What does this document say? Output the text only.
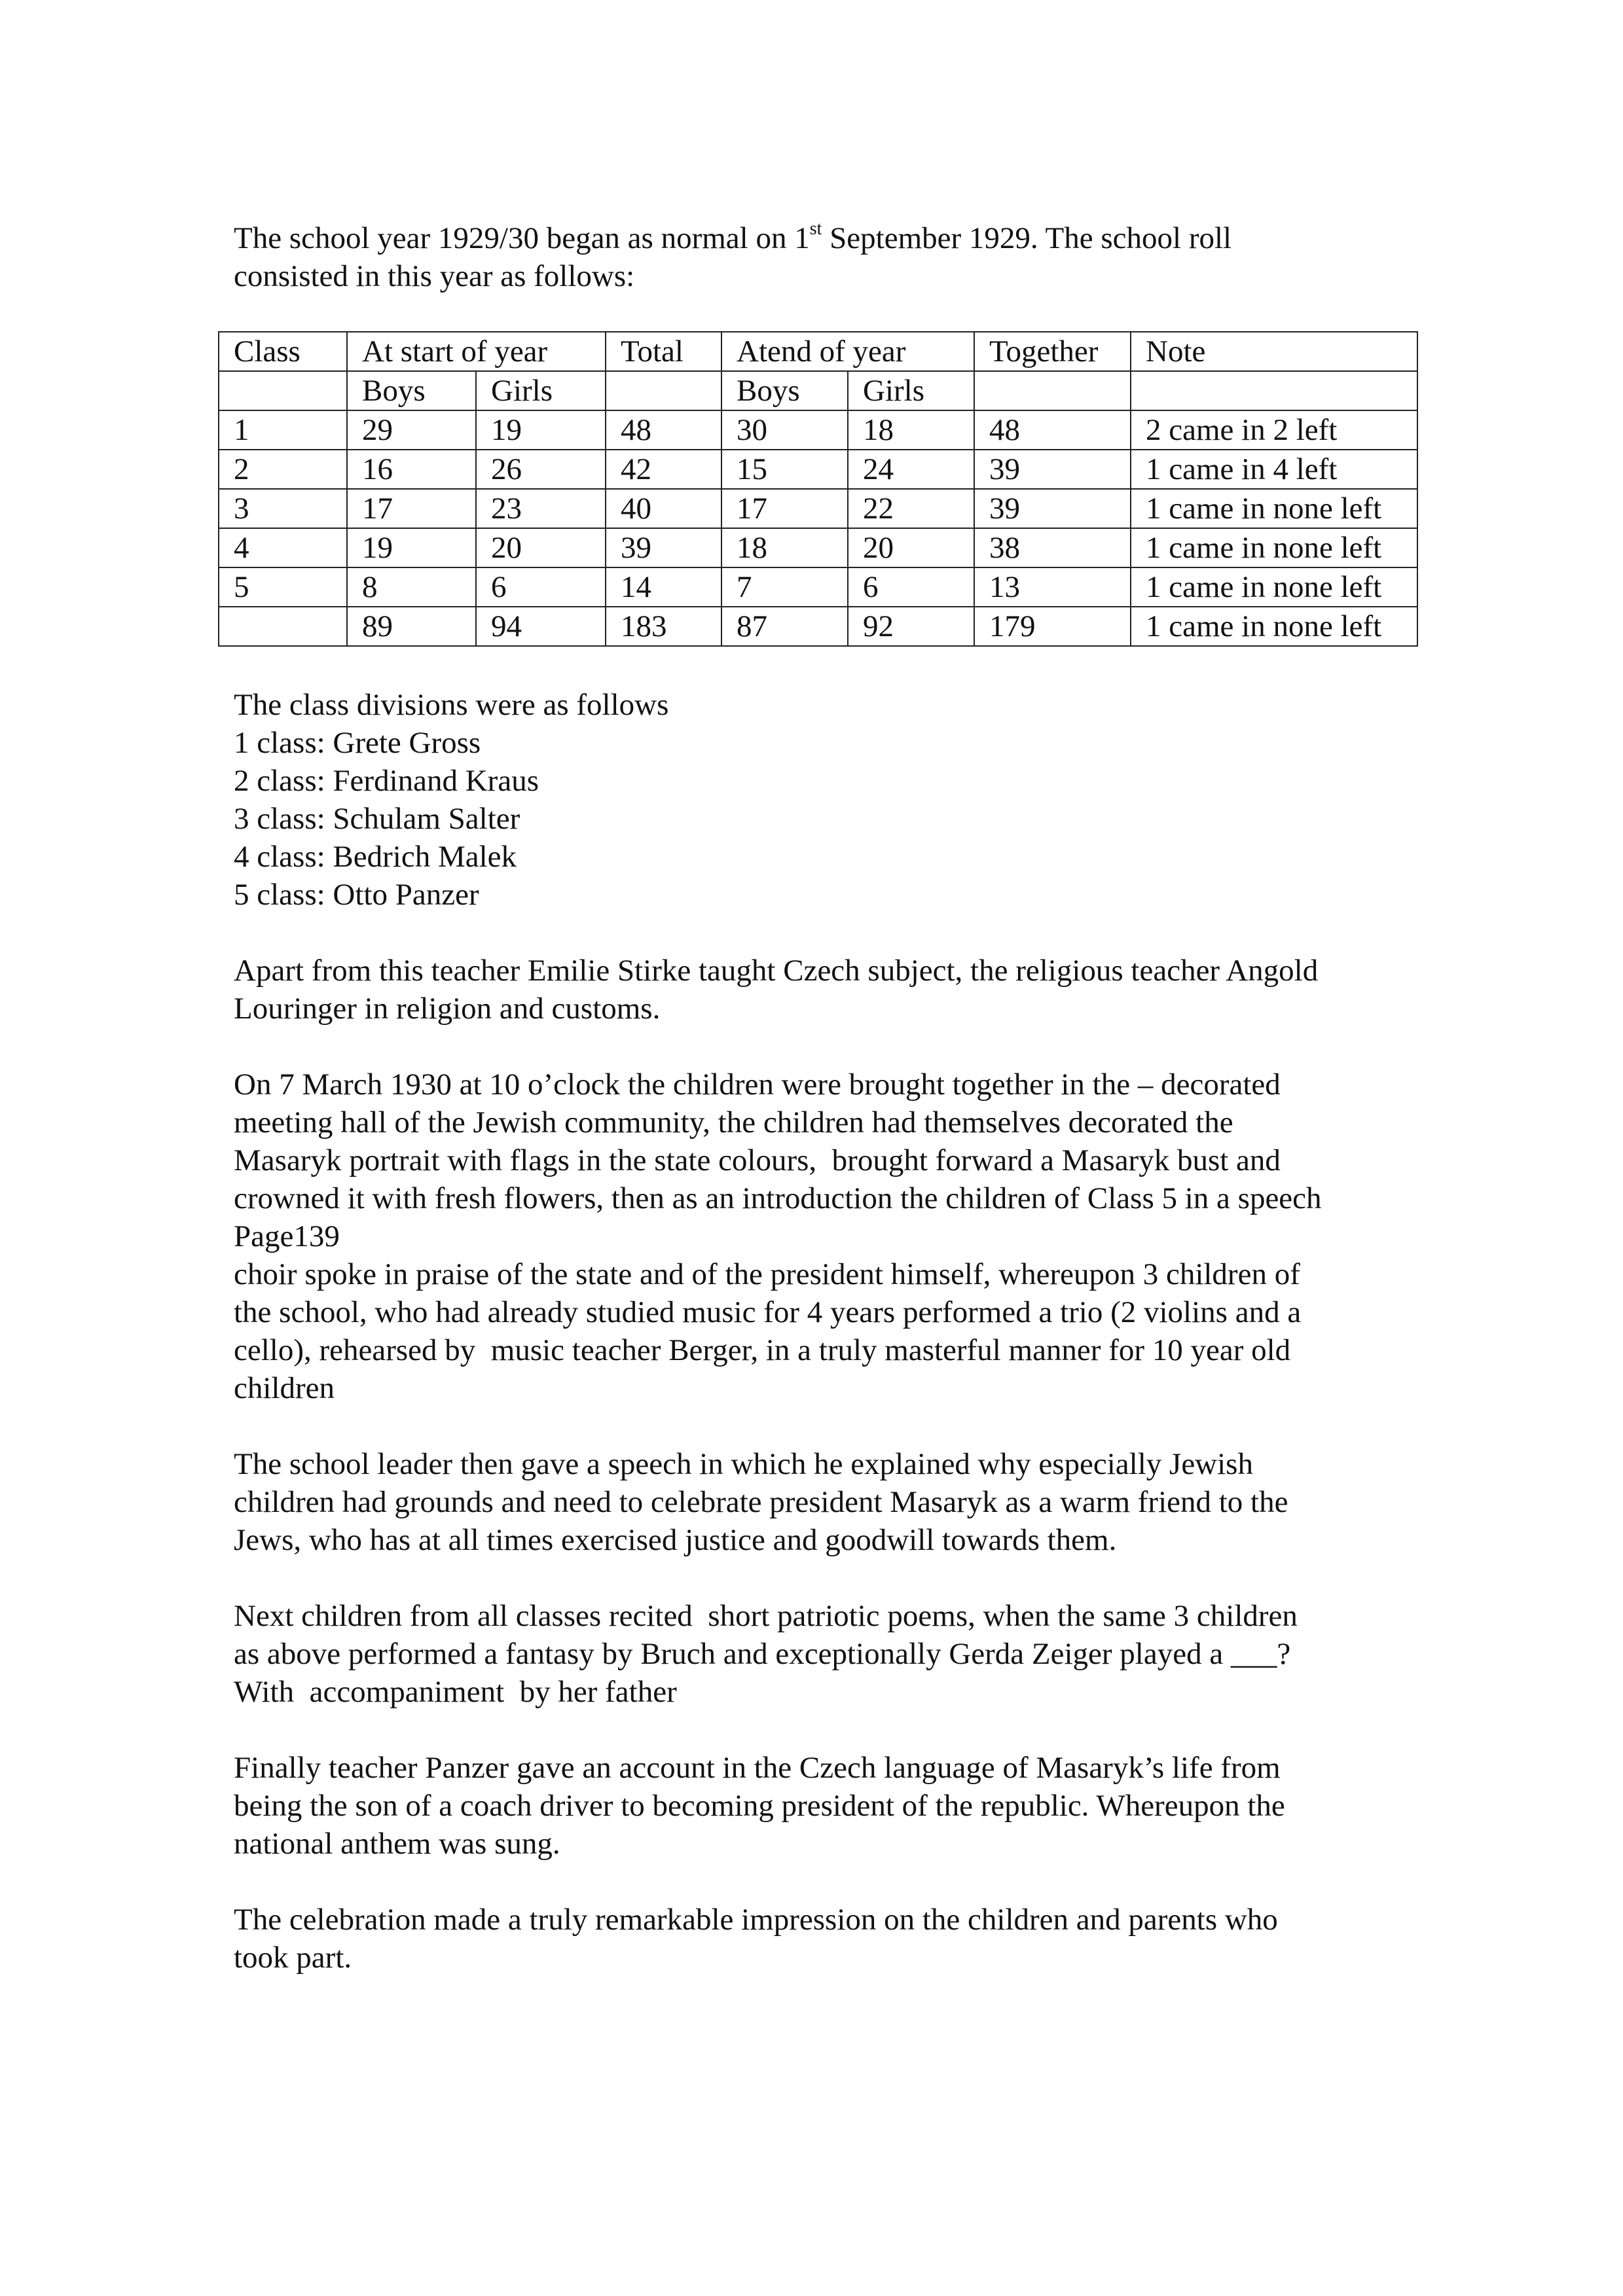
The school year 1929/30 began as normal on 1st September 1929. The school roll
consisted in this year as follows:

Class	At start of year		Total	Atend of year		Together	Note
	Boys	Girls		Boys	Girls		
1	29	19	48	30	18	48	2 came in 2 left
2	16	26	42	15	24	39	1 came in 4 left
3	17	23	40	17	22	39	1 came in none left
4	19	20	39	18	20	38	1 came in none left
5	8	6	14	7	6	13	1 came in none left
	89	94	183	87	92	179	1 came in none left

The class divisions were as follows
1 class: Grete Gross
2 class: Ferdinand Kraus
3 class: Schulam Salter
4 class: Bedrich Malek
5 class: Otto Panzer

Apart from this teacher Emilie Stirke taught Czech subject, the religious teacher Angold
Louringer in religion and customs.

On 7 March 1930 at 10 o’clock the children were brought together in the – decorated
meeting hall of the Jewish community, the children had themselves decorated the
Masaryk portrait with flags in the state colours,  brought forward a Masaryk bust and
crowned it with fresh flowers, then as an introduction the children of Class 5 in a speech
Page139
choir spoke in praise of the state and of the president himself, whereupon 3 children of
the school, who had already studied music for 4 years performed a trio (2 violins and a
cello), rehearsed by  music teacher Berger, in a truly masterful manner for 10 year old
children

The school leader then gave a speech in which he explained why especially Jewish
children had grounds and need to celebrate president Masaryk as a warm friend to the
Jews, who has at all times exercised justice and goodwill towards them.

Next children from all classes recited  short patriotic poems, when the same 3 children
as above performed a fantasy by Bruch and exceptionally Gerda Zeiger played a ___?
With  accompaniment  by her father

Finally teacher Panzer gave an account in the Czech language of Masaryk’s life from
being the son of a coach driver to becoming president of the republic. Whereupon the
national anthem was sung.

The celebration made a truly remarkable impression on the children and parents who
took part.
